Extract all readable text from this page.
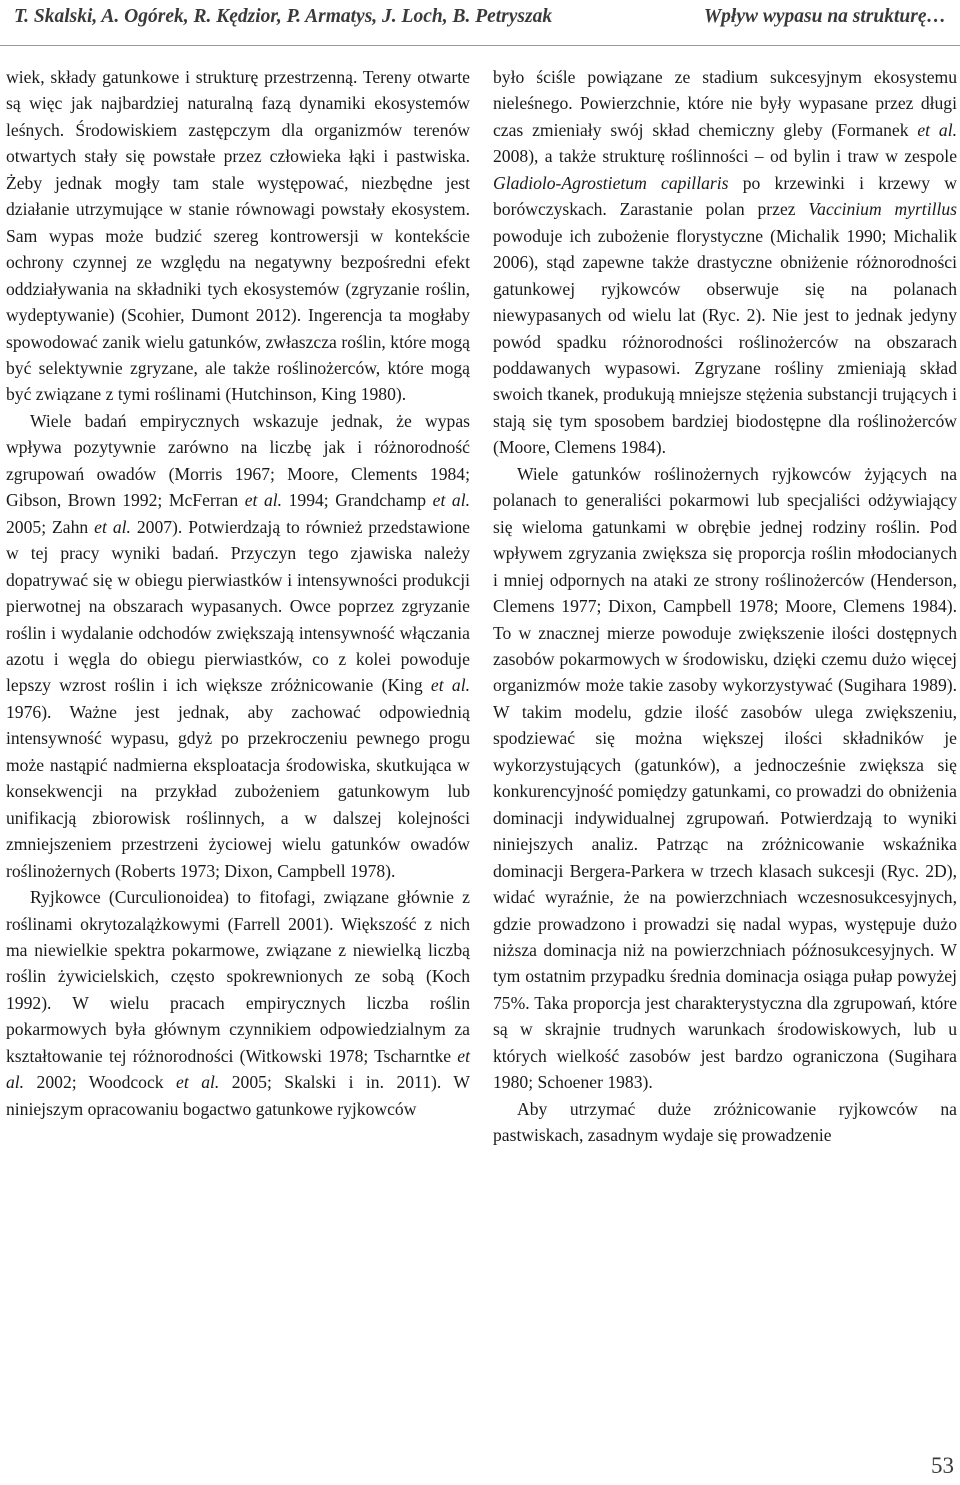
T. Skalski, A. Ogórek, R. Kędzior, P. Armatys, J. Loch, B. Petryszak	Wpływ wypasu na strukturę…

wiek, składy gatunkowe i strukturę przestrzenną. Tereny otwarte są więc jak najbardziej naturalną fazą dynamiki ekosystemów leśnych. Środowiskiem zastępczym dla organizmów terenów otwartych stały się powstałe przez człowieka łąki i pastwiska. Żeby jednak mogły tam stale występować, niezbędne jest działanie utrzymujące w stanie równowagi powstały ekosystem. Sam wypas może budzić szereg kontrowersji w kontekście ochrony czynnej ze względu na negatywny bezpośredni efekt oddziaływania na składniki tych ekosystemów (zgryzanie roślin, wydeptywanie) (Scohier, Dumont 2012). Ingerencja ta mogłaby spowodować zanik wielu gatunków, zwłaszcza roślin, które mogą być selektywnie zgryzane, ale także roślinożerców, które mogą być związane z tymi roślinami (Hutchinson, King 1980).

Wiele badań empirycznych wskazuje jednak, że wypas wpływa pozytywnie zarówno na liczbę jak i różnorodność zgrupowań owadów (Morris 1967; Moore, Clements 1984; Gibson, Brown 1992; McFerran et al. 1994; Grandchamp et al. 2005; Zahn et al. 2007). Potwierdzają to również przedstawione w tej pracy wyniki badań. Przyczyn tego zjawiska należy dopatrywać się w obiegu pierwiastków i intensywności produkcji pierwotnej na obszarach wypasanych. Owce poprzez zgryzanie roślin i wydalanie odchodów zwiększają intensywność włączania azotu i węgla do obiegu pierwiastków, co z kolei powoduje lepszy wzrost roślin i ich większe zróżnicowanie (King et al. 1976). Ważne jest jednak, aby zachować odpowiednią intensywność wypasu, gdyż po przekroczeniu pewnego progu może nastąpić nadmierna eksploatacja środowiska, skutkująca w konsekwencji na przykład zubożeniem gatunkowym lub unifikacją zbiorowisk roślinnych, a w dalszej kolejności zmniejszeniem przestrzeni życiowej wielu gatunków owadów roślinożernych (Roberts 1973; Dixon, Campbell 1978).

Ryjkowce (Curculionoidea) to fitofagi, związane głównie z roślinami okrytozalążkowymi (Farrell 2001). Większość z nich ma niewielkie spektra pokarmowe, związane z niewielką liczbą roślin żywicielskich, często spokrewnionych ze sobą (Koch 1992). W wielu pracach empirycznych liczba roślin pokarmowych była głównym czynnikiem odpowiedzialnym za kształtowanie tej różnorodności (Witkowski 1978; Tscharntke et al. 2002; Woodcock et al. 2005; Skalski i in. 2011). W niniejszym opracowaniu bogactwo gatunkowe ryjkowców

było ściśle powiązane ze stadium sukcesyjnym ekosystemu nieleśnego. Powierzchnie, które nie były wypasane przez długi czas zmieniały swój skład chemiczny gleby (Formanek et al. 2008), a także strukturę roślinności – od bylin i traw w zespole Gladiolo-Agrostietum capillaris po krzewinki i krzewy w borówczyskach. Zarastanie polan przez Vaccinium myrtillus powoduje ich zubożenie florystyczne (Michalik 1990; Michalik 2006), stąd zapewne także drastyczne obniżenie różnorodności gatunkowej ryjkowców obserwuje się na polanach niewypasanych od wielu lat (Ryc. 2). Nie jest to jednak jedyny powód spadku różnorodności roślinożerców na obszarach poddawanych wypasowi. Zgryzane rośliny zmieniają skład swoich tkanek, produkują mniejsze stężenia substancji trujących i stają się tym sposobem bardziej biodostępne dla roślinożerców (Moore, Clemens 1984).

Wiele gatunków roślinożernych ryjkowców żyjących na polanach to generaliści pokarmowi lub specjaliści odżywiający się wieloma gatunkami w obrębie jednej rodziny roślin. Pod wpływem zgryzania zwiększa się proporcja roślin młodocianych i mniej odpornych na ataki ze strony roślinożerców (Henderson, Clemens 1977; Dixon, Campbell 1978; Moore, Clemens 1984). To w znacznej mierze powoduje zwiększenie ilości dostępnych zasobów pokarmowych w środowisku, dzięki czemu dużo więcej organizmów może takie zasoby wykorzystywać (Sugihara 1989). W takim modelu, gdzie ilość zasobów ulega zwiększeniu, spodziewać się można większej ilości składników je wykorzystujących (gatunków), a jednocześnie zwiększa się konkurencyjność pomiędzy gatunkami, co prowadzi do obniżenia dominacji indywidualnej zgrupowań. Potwierdzają to wyniki niniejszych analiz. Patrząc na zróżnicowanie wskaźnika dominacji Bergera-Parkera w trzech klasach sukcesji (Ryc. 2D), widać wyraźnie, że na powierzchniach wczesnosukcesyjnych, gdzie prowadzono i prowadzi się nadal wypas, występuje dużo niższa dominacja niż na powierzchniach późnosukcesyjnych. W tym ostatnim przypadku średnia dominacja osiąga pułap powyżej 75%. Taka proporcja jest charakterystyczna dla zgrupowań, które są w skrajnie trudnych warunkach środowiskowych, lub u których wielkość zasobów jest bardzo ograniczona (Sugihara 1980; Schoener 1983).

Aby utrzymać duże zróżnicowanie ryjkowców na pastwiskach, zasadnym wydaje się prowadzenie

53
